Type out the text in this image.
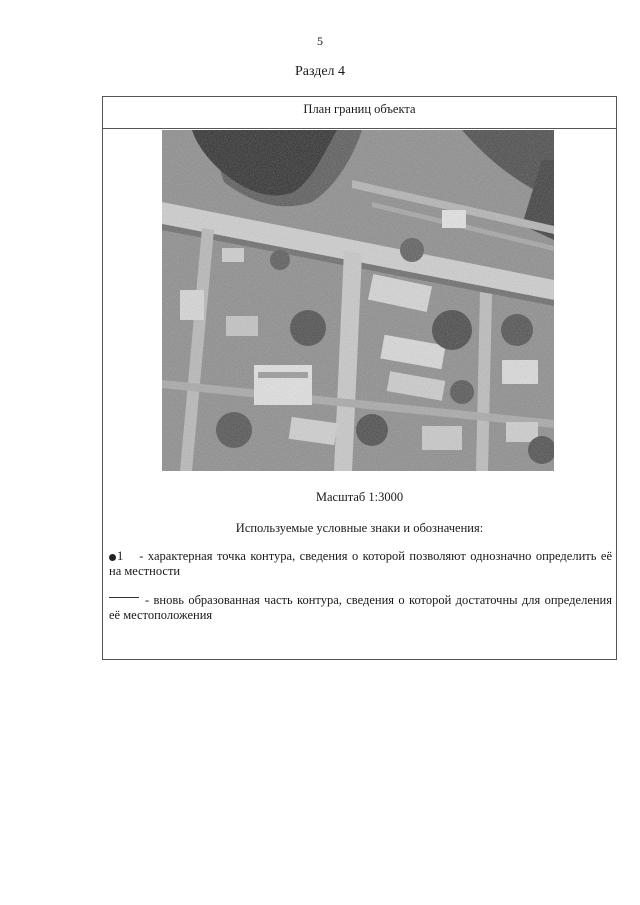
5
Раздел 4
План границ объекта
Масштаб 1:3000
Используемые условные знаки и обозначения:
1 - характерная точка контура, сведения о которой позволяют однозначно определить её на местности
- вновь образованная часть контура, сведения о которой достаточны для определения её местоположения
